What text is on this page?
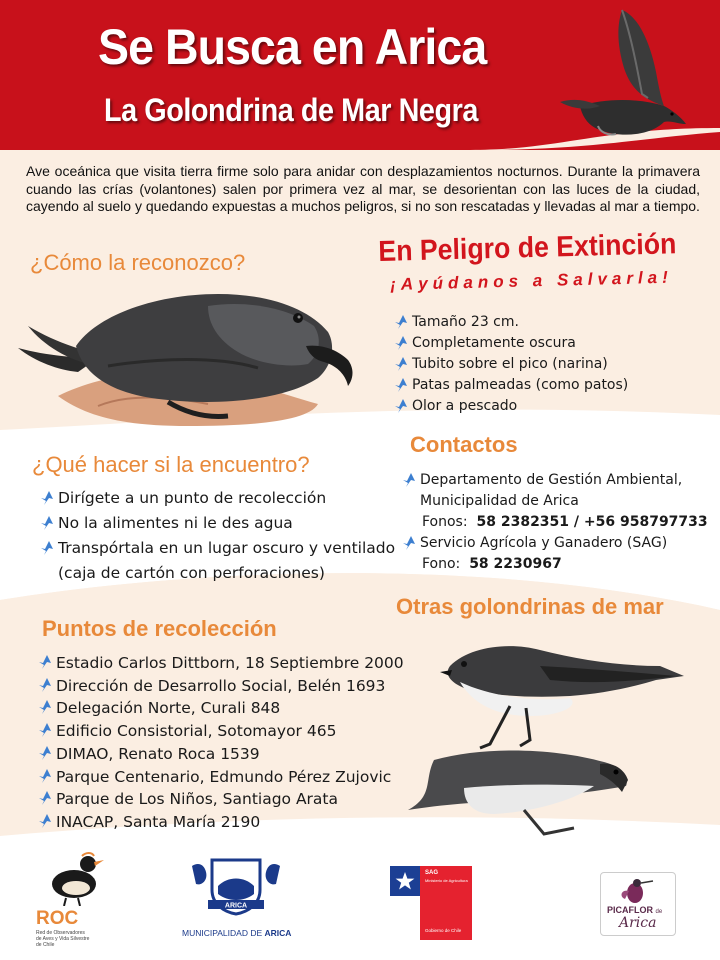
Se Busca en Arica
La Golondrina de Mar Negra
Ave oceánica que visita tierra firme solo para anidar con desplazamientos nocturnos. Durante la primavera cuando las crías (volantones) salen por primera vez al mar, se desorientan con las luces de la ciudad, cayendo al suelo y quedando expuestas a muchos peligros, si no son rescatadas y llevadas al mar a tiempo.
¿Cómo la reconozco?	En Peligro de Extinción
¡Ayúdanos a Salvarla!
Tamaño 23 cm.
Completamente oscura
Tubito sobre el pico (narina)
Patas palmeadas (como patos)
Olor a pescado
¿Qué hacer si la encuentro?
Dirígete a un punto de recolección
No la alimentes ni le des agua
Transpórtala en un lugar oscuro y ventilado
(caja de cartón con perforaciones)
Contactos
Departamento de Gestión Ambiental,
Municipalidad de Arica
Fonos: 58 2382351 / +56 958797733
Servicio Agrícola y Ganadero (SAG)
Fono: 58 2230967
Puntos de recolección
Estadio Carlos Dittborn, 18 Septiembre 2000
Dirección de Desarrollo Social, Belén 1693
Delegación Norte, Curali 848
Edificio Consistorial, Sotomayor 465
DIMAO, Renato Roca 1539
Parque Centenario, Edmundo Pérez Zujovic
Parque de Los Niños, Santiago Arata
INACAP, Santa María 2190
Otras golondrinas de mar
ROC
Red de Observadores de Aves y Vida Silvestre de Chile
ARICA
MUNICIPALIDAD DE ARICA
SAG
Ministerio de Agricultura
Gobierno de Chile
PICAFLOR de
Arica
